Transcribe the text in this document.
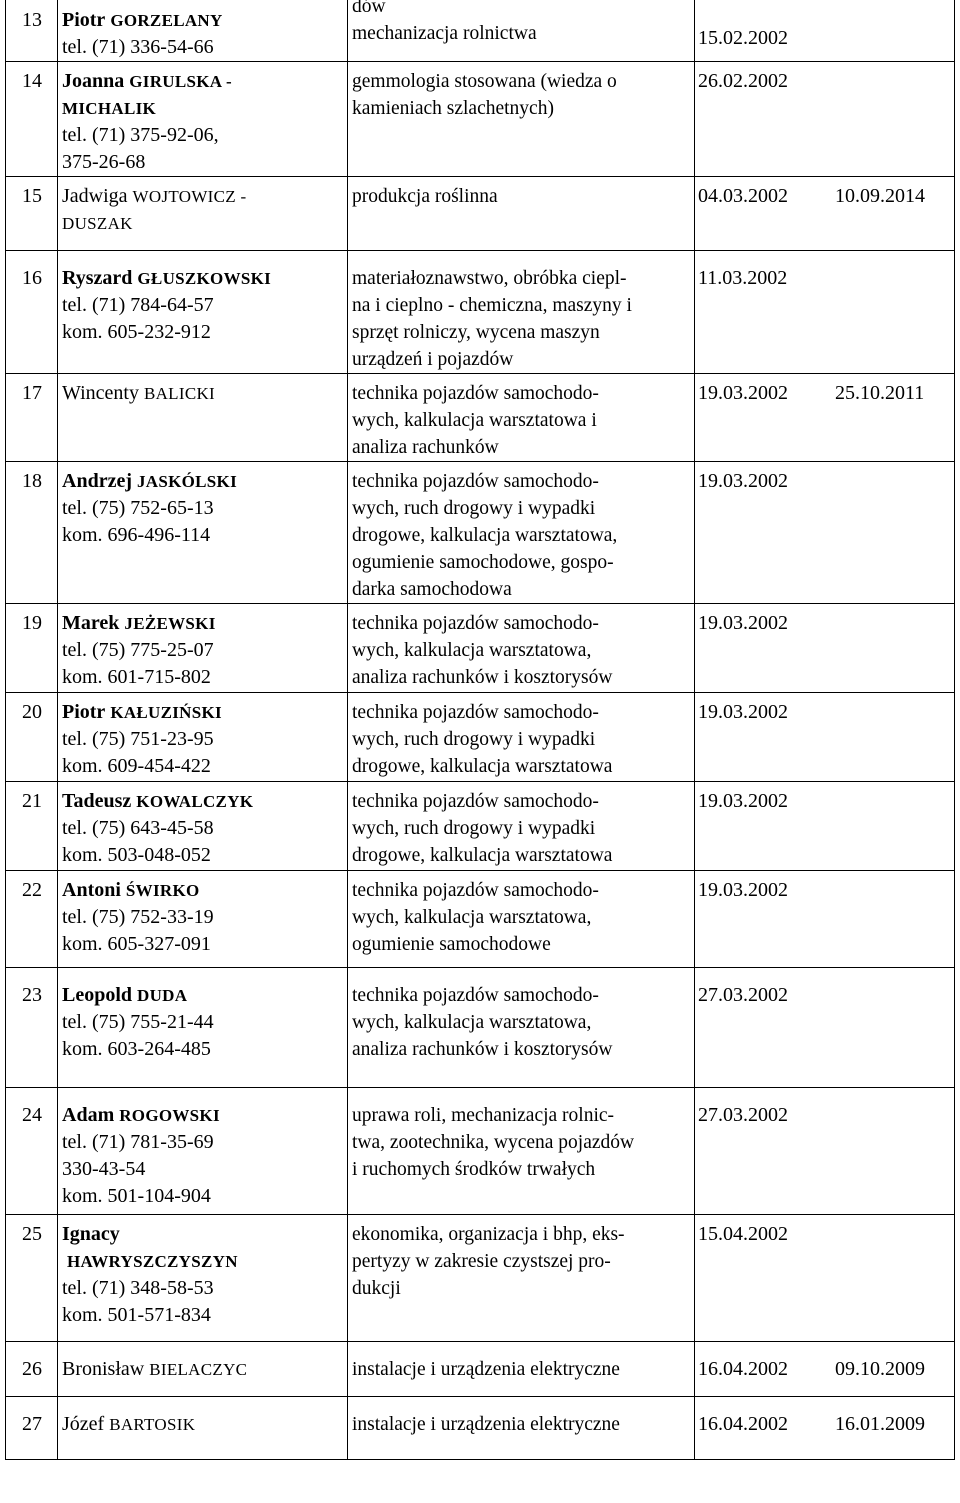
13	Piotr GORZELANY
tel. (71) 336-54-66	dów
mechanizacja rolnictwa	15.02.2002

14	Joanna GIRULSKA -
MICHALIK
tel. (71) 375-92-06,
375-26-68	gemmologia stosowana (wiedza o
kamieniach szlachetnych)	26.02.2002

15	Jadwiga WOJTOWICZ -
DUSZAK	produkcja roślinna	04.03.2002 10.09.2014

16	Ryszard GŁUSZKOWSKI
tel. (71) 784-64-57
kom. 605-232-912	materiałoznawstwo, obróbka ciepl-
na i cieplno - chemiczna, maszyny i
sprzęt rolniczy, wycena maszyn
urządzeń i pojazdów	11.03.2002

17	Wincenty BALICKI	technika pojazdów samochodo-
wych, kalkulacja warsztatowa i
analiza rachunków	19.03.2002 25.10.2011

18	Andrzej JASKÓLSKI
tel. (75) 752-65-13
kom. 696-496-114	technika pojazdów samochodo-
wych, ruch drogowy i wypadki
drogowe, kalkulacja warsztatowa,
ogumienie samochodowe, gospo-
darka samochodowa	19.03.2002

19	Marek JEŻEWSKI
tel. (75) 775-25-07
kom. 601-715-802	technika pojazdów samochodo-
wych, kalkulacja warsztatowa,
analiza rachunków i kosztorysów	19.03.2002

20	Piotr KAŁUZIŃSKI
tel. (75) 751-23-95
kom. 609-454-422	technika pojazdów samochodo-
wych, ruch drogowy i wypadki
drogowe, kalkulacja warsztatowa	19.03.2002

21	Tadeusz KOWALCZYK
tel. (75) 643-45-58
kom. 503-048-052	technika pojazdów samochodo-
wych, ruch drogowy i wypadki
drogowe, kalkulacja warsztatowa	19.03.2002

22	Antoni ŚWIRKO
tel. (75) 752-33-19
kom. 605-327-091	technika pojazdów samochodo-
wych, kalkulacja warsztatowa,
ogumienie samochodowe	19.03.2002

23	Leopold DUDA
tel. (75) 755-21-44
kom. 603-264-485	technika pojazdów samochodo-
wych, kalkulacja warsztatowa,
analiza rachunków i kosztorysów	27.03.2002

24	Adam ROGOWSKI
tel. (71) 781-35-69
330-43-54
kom. 501-104-904	uprawa roli, mechanizacja rolnic-
twa, zootechnika, wycena pojazdów
i ruchomych środków trwałych	27.03.2002

25	Ignacy
HAWRYSZCZYSZYN
tel. (71) 348-58-53
kom. 501-571-834	ekonomika, organizacja i bhp, eks-
pertyzy w zakresie czystszej pro-
dukcji	15.04.2002

26	Bronisław BIELACZYC	instalacje i urządzenia elektryczne	16.04.2002 09.10.2009

27	Józef BARTOSIK	instalacje i urządzenia elektryczne	16.04.2002 16.01.2009
